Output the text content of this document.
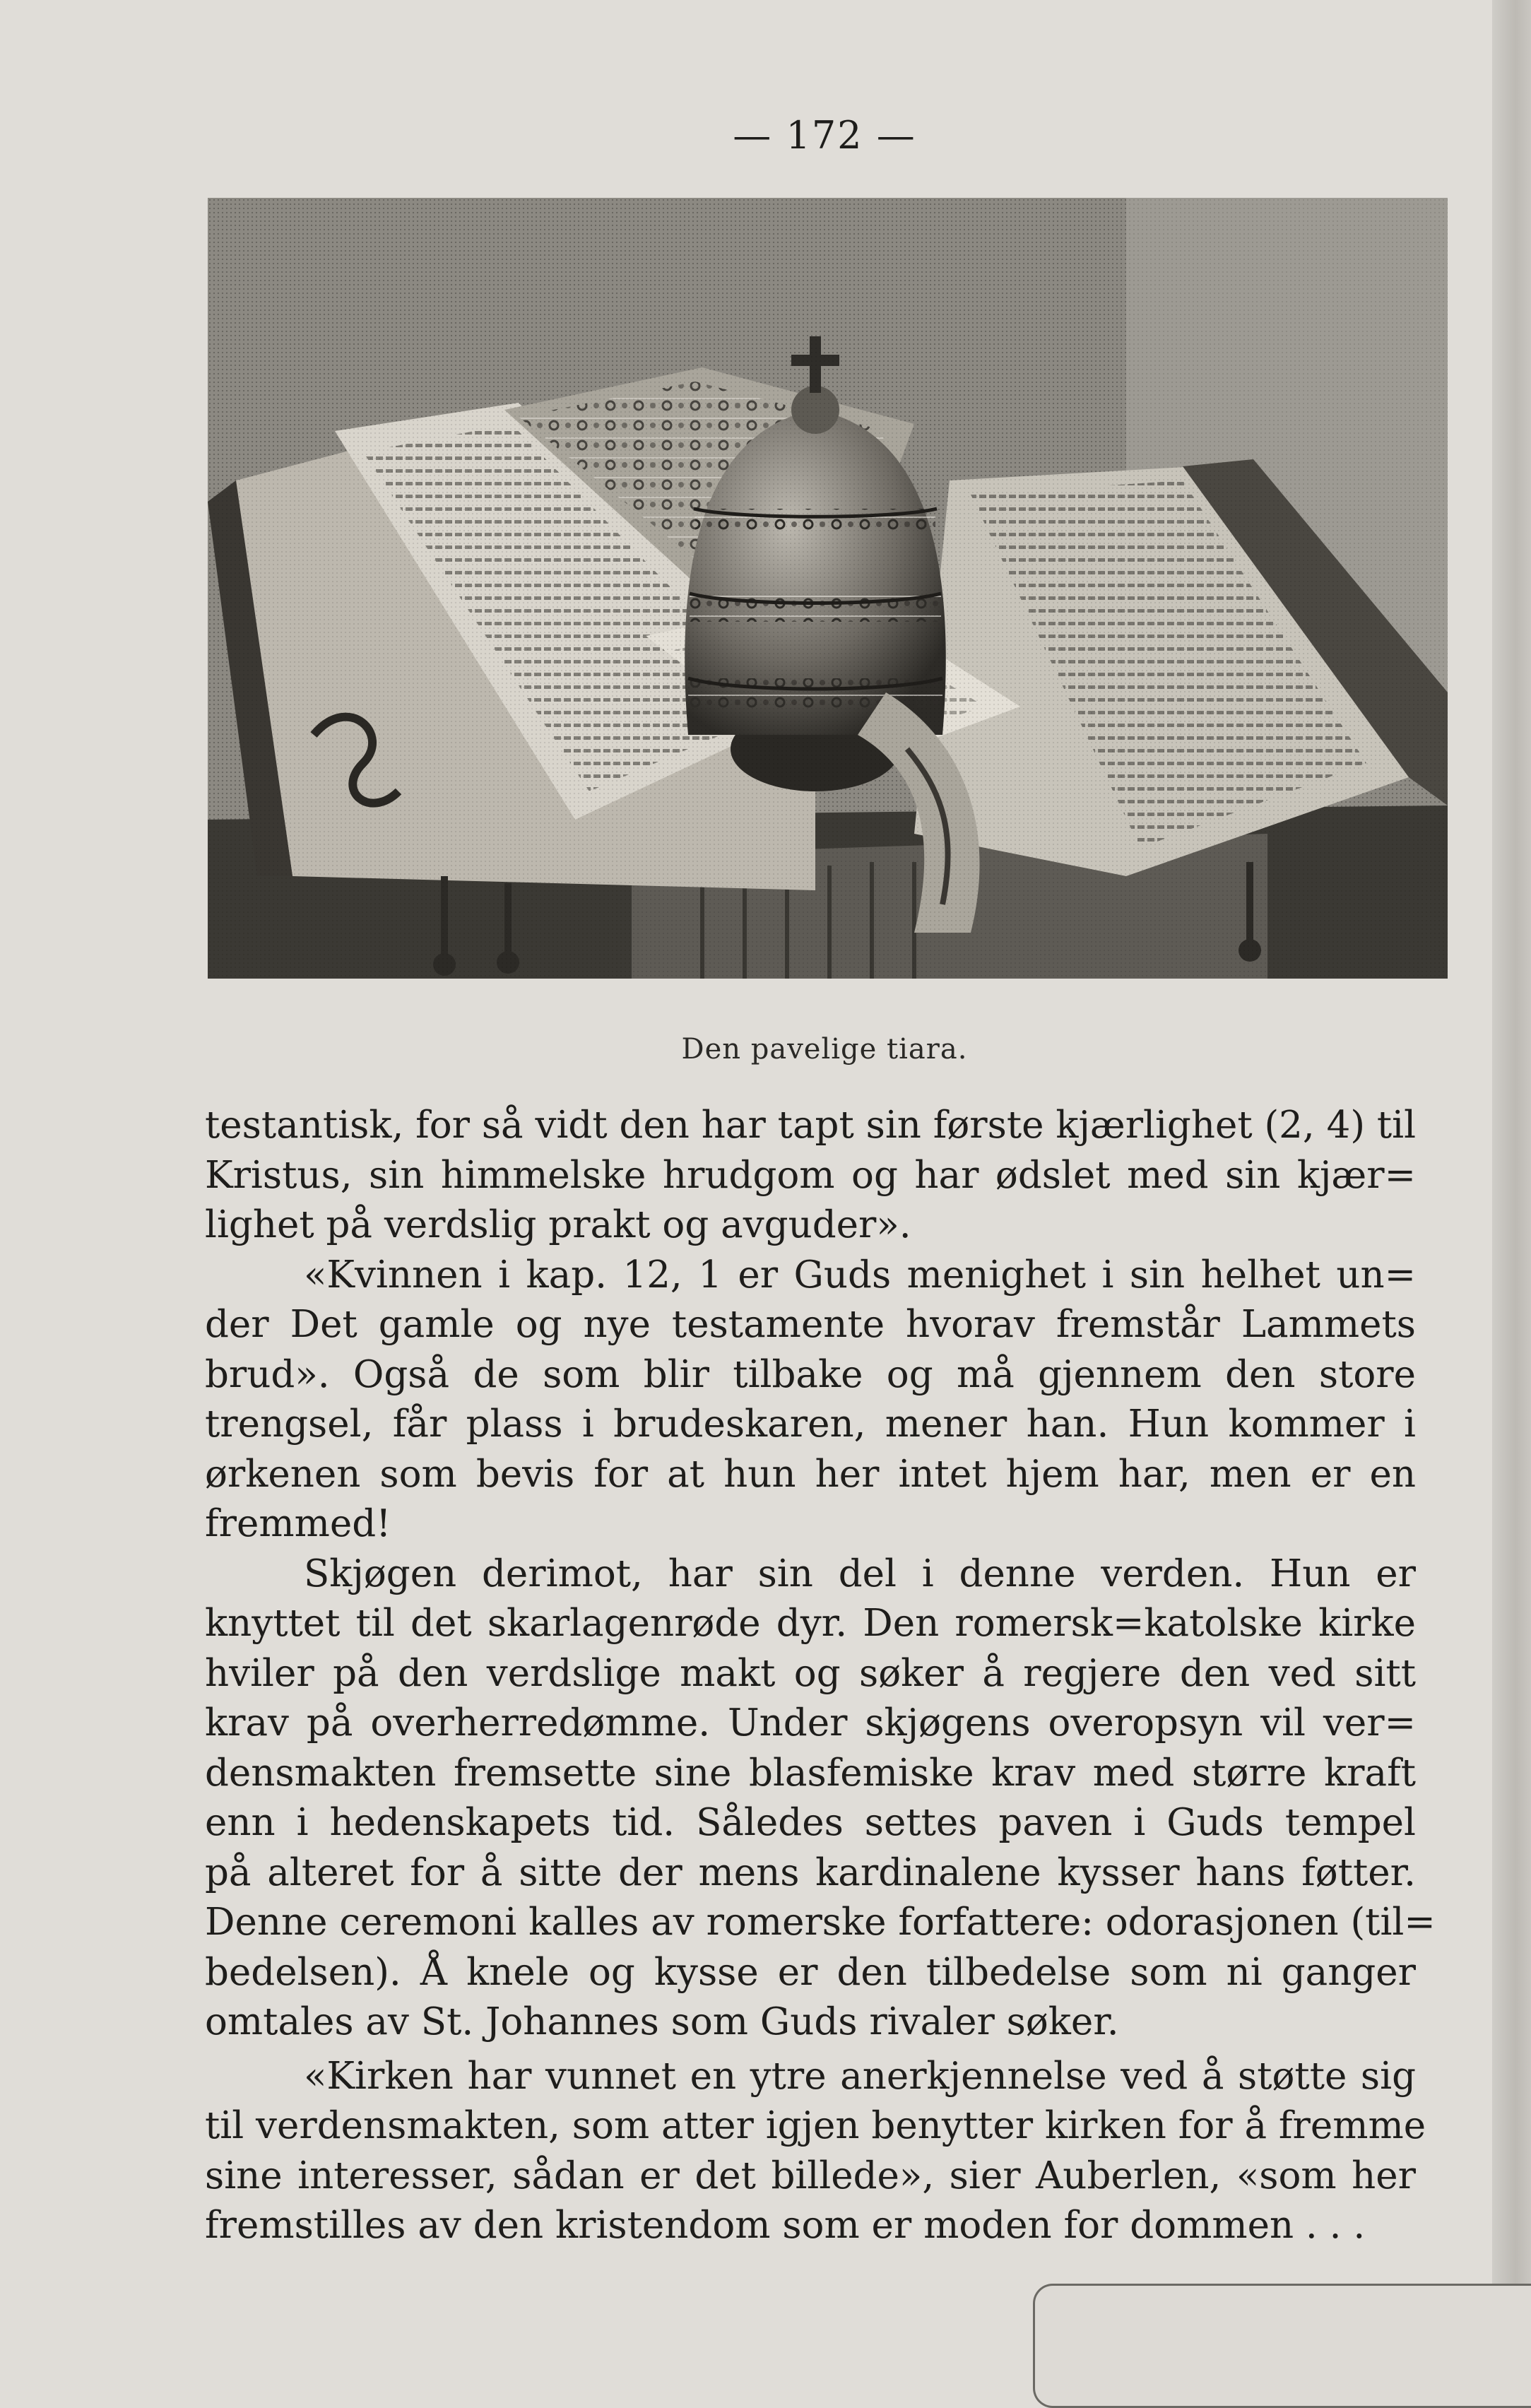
— 172 —
Den pavelige tiara.
testantisk, for så vidt den har tapt sin første kjærlighet (2, 4) til
Kristus, sin himmelske hrudgom og har ødslet med sin kjær=
lighet på verdslig prakt og avguder».
«Kvinnen i kap. 12, 1 er Guds menighet i sin helhet un=
der Det gamle og nye testamente hvorav fremstår Lammets
brud». Også de som blir tilbake og må gjennem den store
trengsel, får plass i brudeskaren, mener han. Hun kommer i
ørkenen som bevis for at hun her intet hjem har, men er en
fremmed!
Skjøgen derimot, har sin del i denne verden. Hun er
knyttet til det skarlagenrøde dyr. Den romersk=katolske kirke
hviler på den verdslige makt og søker å regjere den ved sitt
krav på overherredømme. Under skjøgens overopsyn vil ver=
densmakten fremsette sine blasfemiske krav med større kraft
enn i hedenskapets tid. Således settes paven i Guds tempel
på alteret for å sitte der mens kardinalene kysser hans føtter.
Denne ceremoni kalles av romerske forfattere: odorasjonen (til=
bedelsen). Å knele og kysse er den tilbedelse som ni ganger
omtales av St. Johannes som Guds rivaler søker.
«Kirken har vunnet en ytre anerkjennelse ved å støtte sig
til verdensmakten, som atter igjen benytter kirken for å fremme
sine interesser, sådan er det billede», sier Auberlen, «som her
fremstilles av den kristendom som er moden for dommen . . .
